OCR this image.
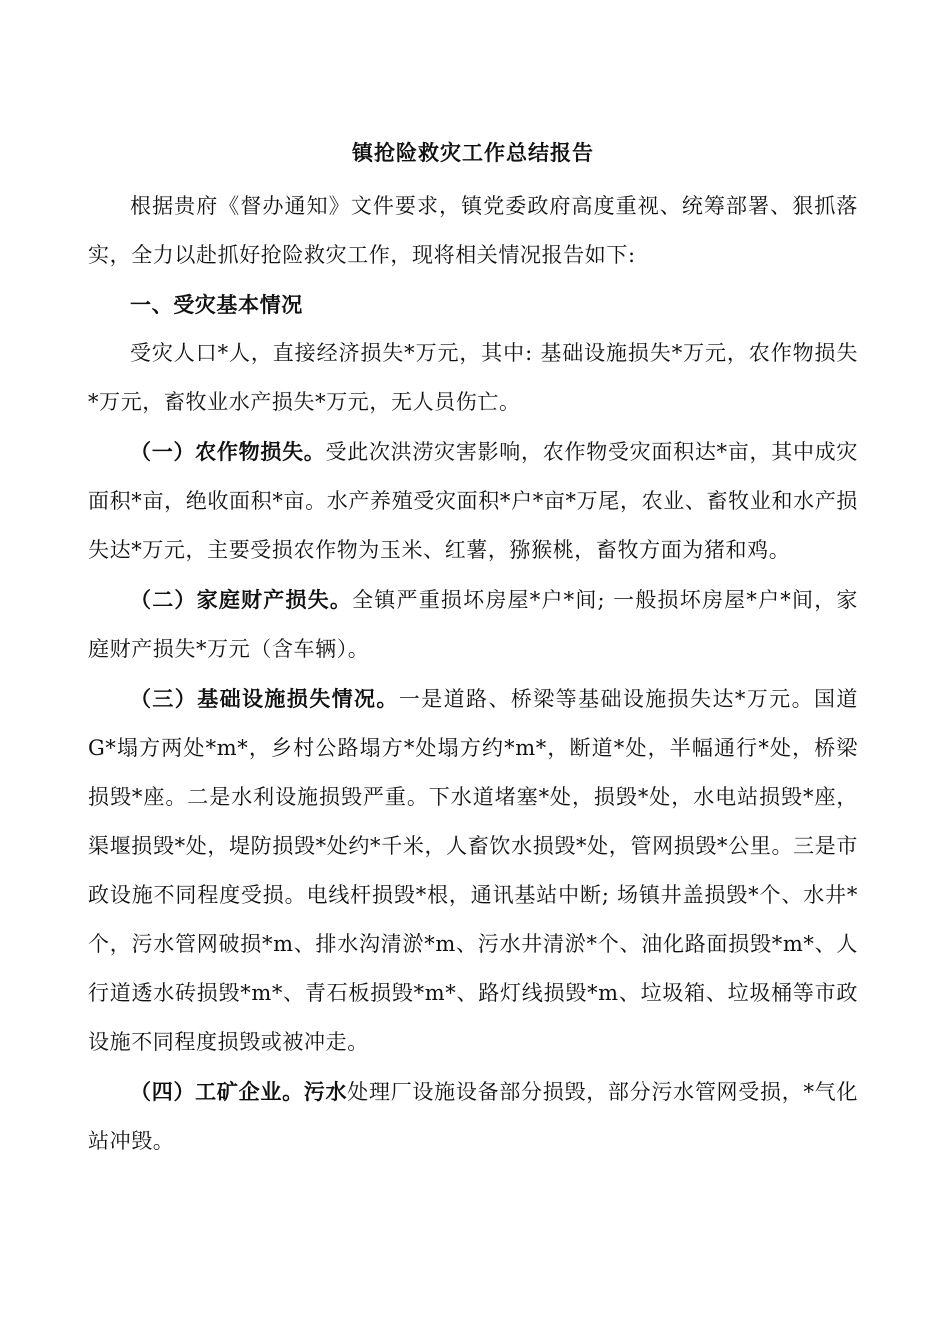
镇抢险救灾工作总结报告

根据贵府《督办通知》文件要求，镇党委政府高度重视、统筹部署、狠抓落实，全力以赴抓好抢险救灾工作，现将相关情况报告如下:

一、受灾基本情况

受灾人口*人，直接经济损失*万元，其中: 基础设施损失*万元，农作物损失*万元，畜牧业水产损失*万元，无人员伤亡。

（一）农作物损失。受此次洪涝灾害影响，农作物受灾面积达*亩，其中成灾面积*亩，绝收面积*亩。水产养殖受灾面积*户*亩*万尾，农业、畜牧业和水产损失达*万元，主要受损农作物为玉米、红薯，猕猴桃，畜牧方面为猪和鸡。

（二）家庭财产损失。全镇严重损坏房屋*户*间; 一般损坏房屋*户*间，家庭财产损失*万元（含车辆）。

（三）基础设施损失情况。一是道路、桥梁等基础设施损失达*万元。国道G*塌方两处*m*，乡村公路塌方*处塌方约*m*，断道*处，半幅通行*处，桥梁损毁*座。二是水利设施损毁严重。下水道堵塞*处，损毁*处，水电站损毁*座，渠堰损毁*处，堤防损毁*处约*千米，人畜饮水损毁*处，管网损毁*公里。三是市政设施不同程度受损。电线杆损毁*根，通讯基站中断; 场镇井盖损毁*个、水井*个，污水管网破损*m、排水沟清淤*m、污水井清淤*个、油化路面损毁*m*、人行道透水砖损毁*m*、青石板损毁*m*、路灯线损毁*m、垃圾箱、垃圾桶等市政设施不同程度损毁或被冲走。

（四）工矿企业。污水处理厂设施设备部分损毁，部分污水管网受损，*气化站冲毁。
